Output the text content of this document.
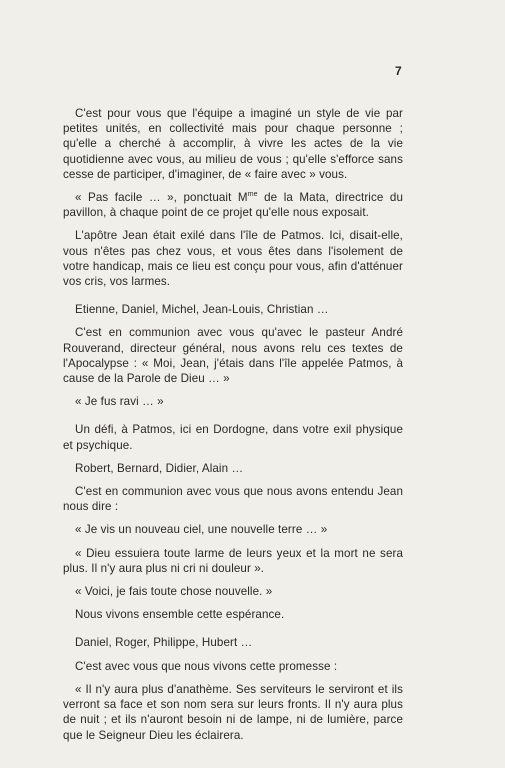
7

C'est pour vous que l'équipe a imaginé un style de vie par petites unités, en collectivité mais pour chaque personne ; qu'elle a cherché à accomplir, à vivre les actes de la vie quotidienne avec vous, au milieu de vous ; qu'elle s'efforce sans cesse de participer, d'imaginer, de « faire avec » vous.

« Pas facile … », ponctuait $M^{me}$ de la Mata, directrice du pavillon, à chaque point de ce projet qu'elle nous exposait.

L'apôtre Jean était exilé dans l'île de Patmos. Ici, disait-elle, vous n'êtes pas chez vous, et vous êtes dans l'isolement de votre handicap, mais ce lieu est conçu pour vous, afin d'atténuer vos cris, vos larmes.

Etienne, Daniel, Michel, Jean-Louis, Christian …

C'est en communion avec vous qu'avec le pasteur André Rouverand, directeur général, nous avons relu ces textes de l'Apocalypse : « Moi, Jean, j'étais dans l'île appelée Patmos, à cause de la Parole de Dieu … »

« Je fus ravi … »

Un défi, à Patmos, ici en Dordogne, dans votre exil physique et psychique.

Robert, Bernard, Didier, Alain …

C'est en communion avec vous que nous avons entendu Jean nous dire :

« Je vis un nouveau ciel, une nouvelle terre … »

« Dieu essuiera toute larme de leurs yeux et la mort ne sera plus. Il n'y aura plus ni cri ni douleur ».

« Voici, je fais toute chose nouvelle. »

Nous vivons ensemble cette espérance.

Daniel, Roger, Philippe, Hubert …

C'est avec vous que nous vivons cette promesse :

« Il n'y aura plus d'anathème. Ses serviteurs le serviront et ils verront sa face et son nom sera sur leurs fronts. Il n'y aura plus de nuit ; et ils n'auront besoin ni de lampe, ni de lumière, parce que le Seigneur Dieu les éclairera.
